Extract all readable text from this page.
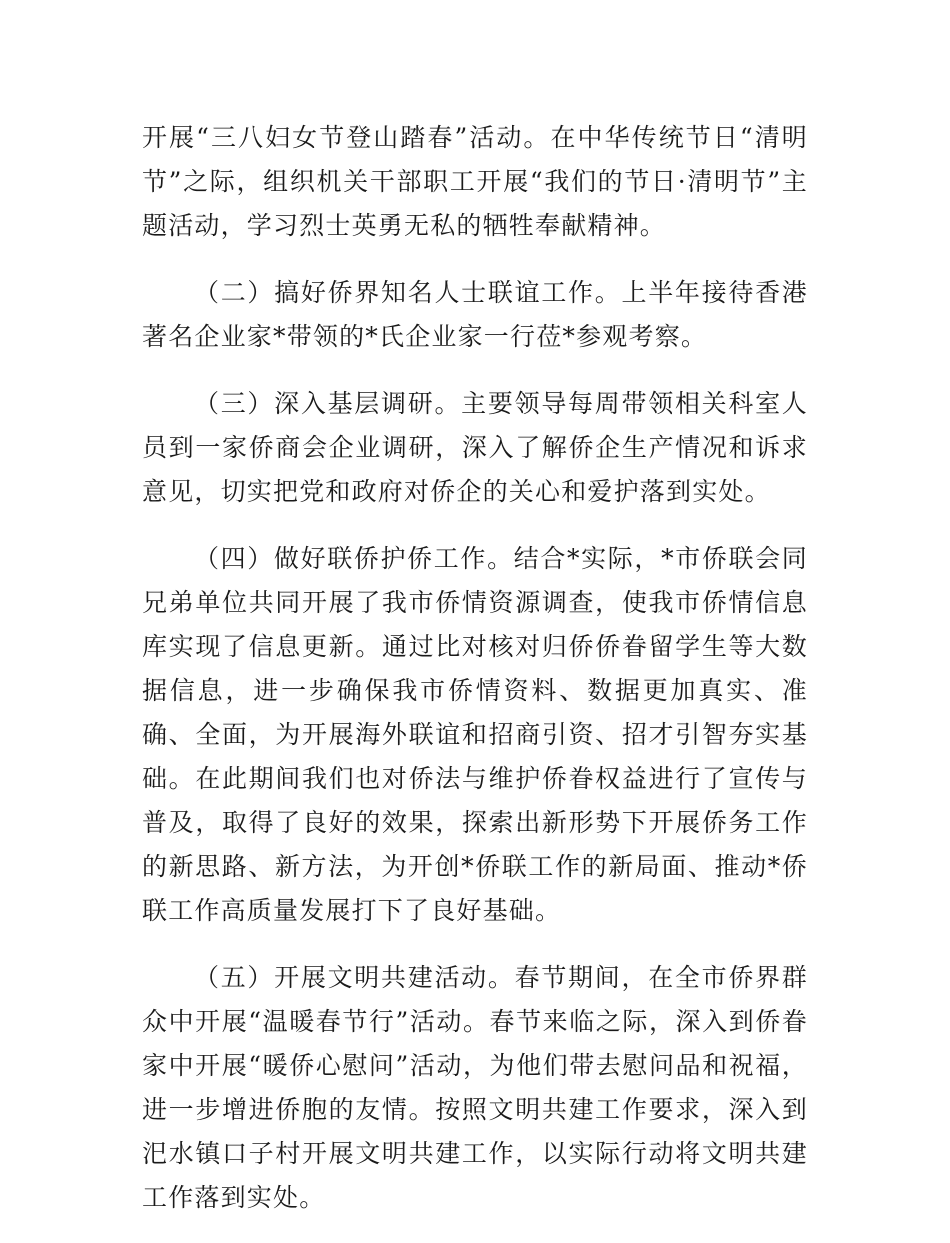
开展“三八妇女节登山踏春”活动。在中华传统节日“清明节”之际，组织机关干部职工开展“我们的节日·清明节”主题活动，学习烈士英勇无私的牺牲奉献精神。

（二）搞好侨界知名人士联谊工作。上半年接待香港著名企业家*带领的*氏企业家一行莅*参观考察。

（三）深入基层调研。主要领导每周带领相关科室人员到一家侨商会企业调研，深入了解侨企生产情况和诉求意见，切实把党和政府对侨企的关心和爱护落到实处。

（四）做好联侨护侨工作。结合*实际，*市侨联会同兄弟单位共同开展了我市侨情资源调查，使我市侨情信息库实现了信息更新。通过比对核对归侨侨眷留学生等大数据信息，进一步确保我市侨情资料、数据更加真实、准确、全面，为开展海外联谊和招商引资、招才引智夯实基础。在此期间我们也对侨法与维护侨眷权益进行了宣传与普及，取得了良好的效果，探索出新形势下开展侨务工作的新思路、新方法，为开创*侨联工作的新局面、推动*侨联工作高质量发展打下了良好基础。

（五）开展文明共建活动。春节期间，在全市侨界群众中开展“温暖春节行”活动。春节来临之际，深入到侨眷家中开展“暖侨心慰问”活动，为他们带去慰问品和祝福，进一步增进侨胞的友情。按照文明共建工作要求，深入到汜水镇口子村开展文明共建工作，以实际行动将文明共建工作落到实处。
